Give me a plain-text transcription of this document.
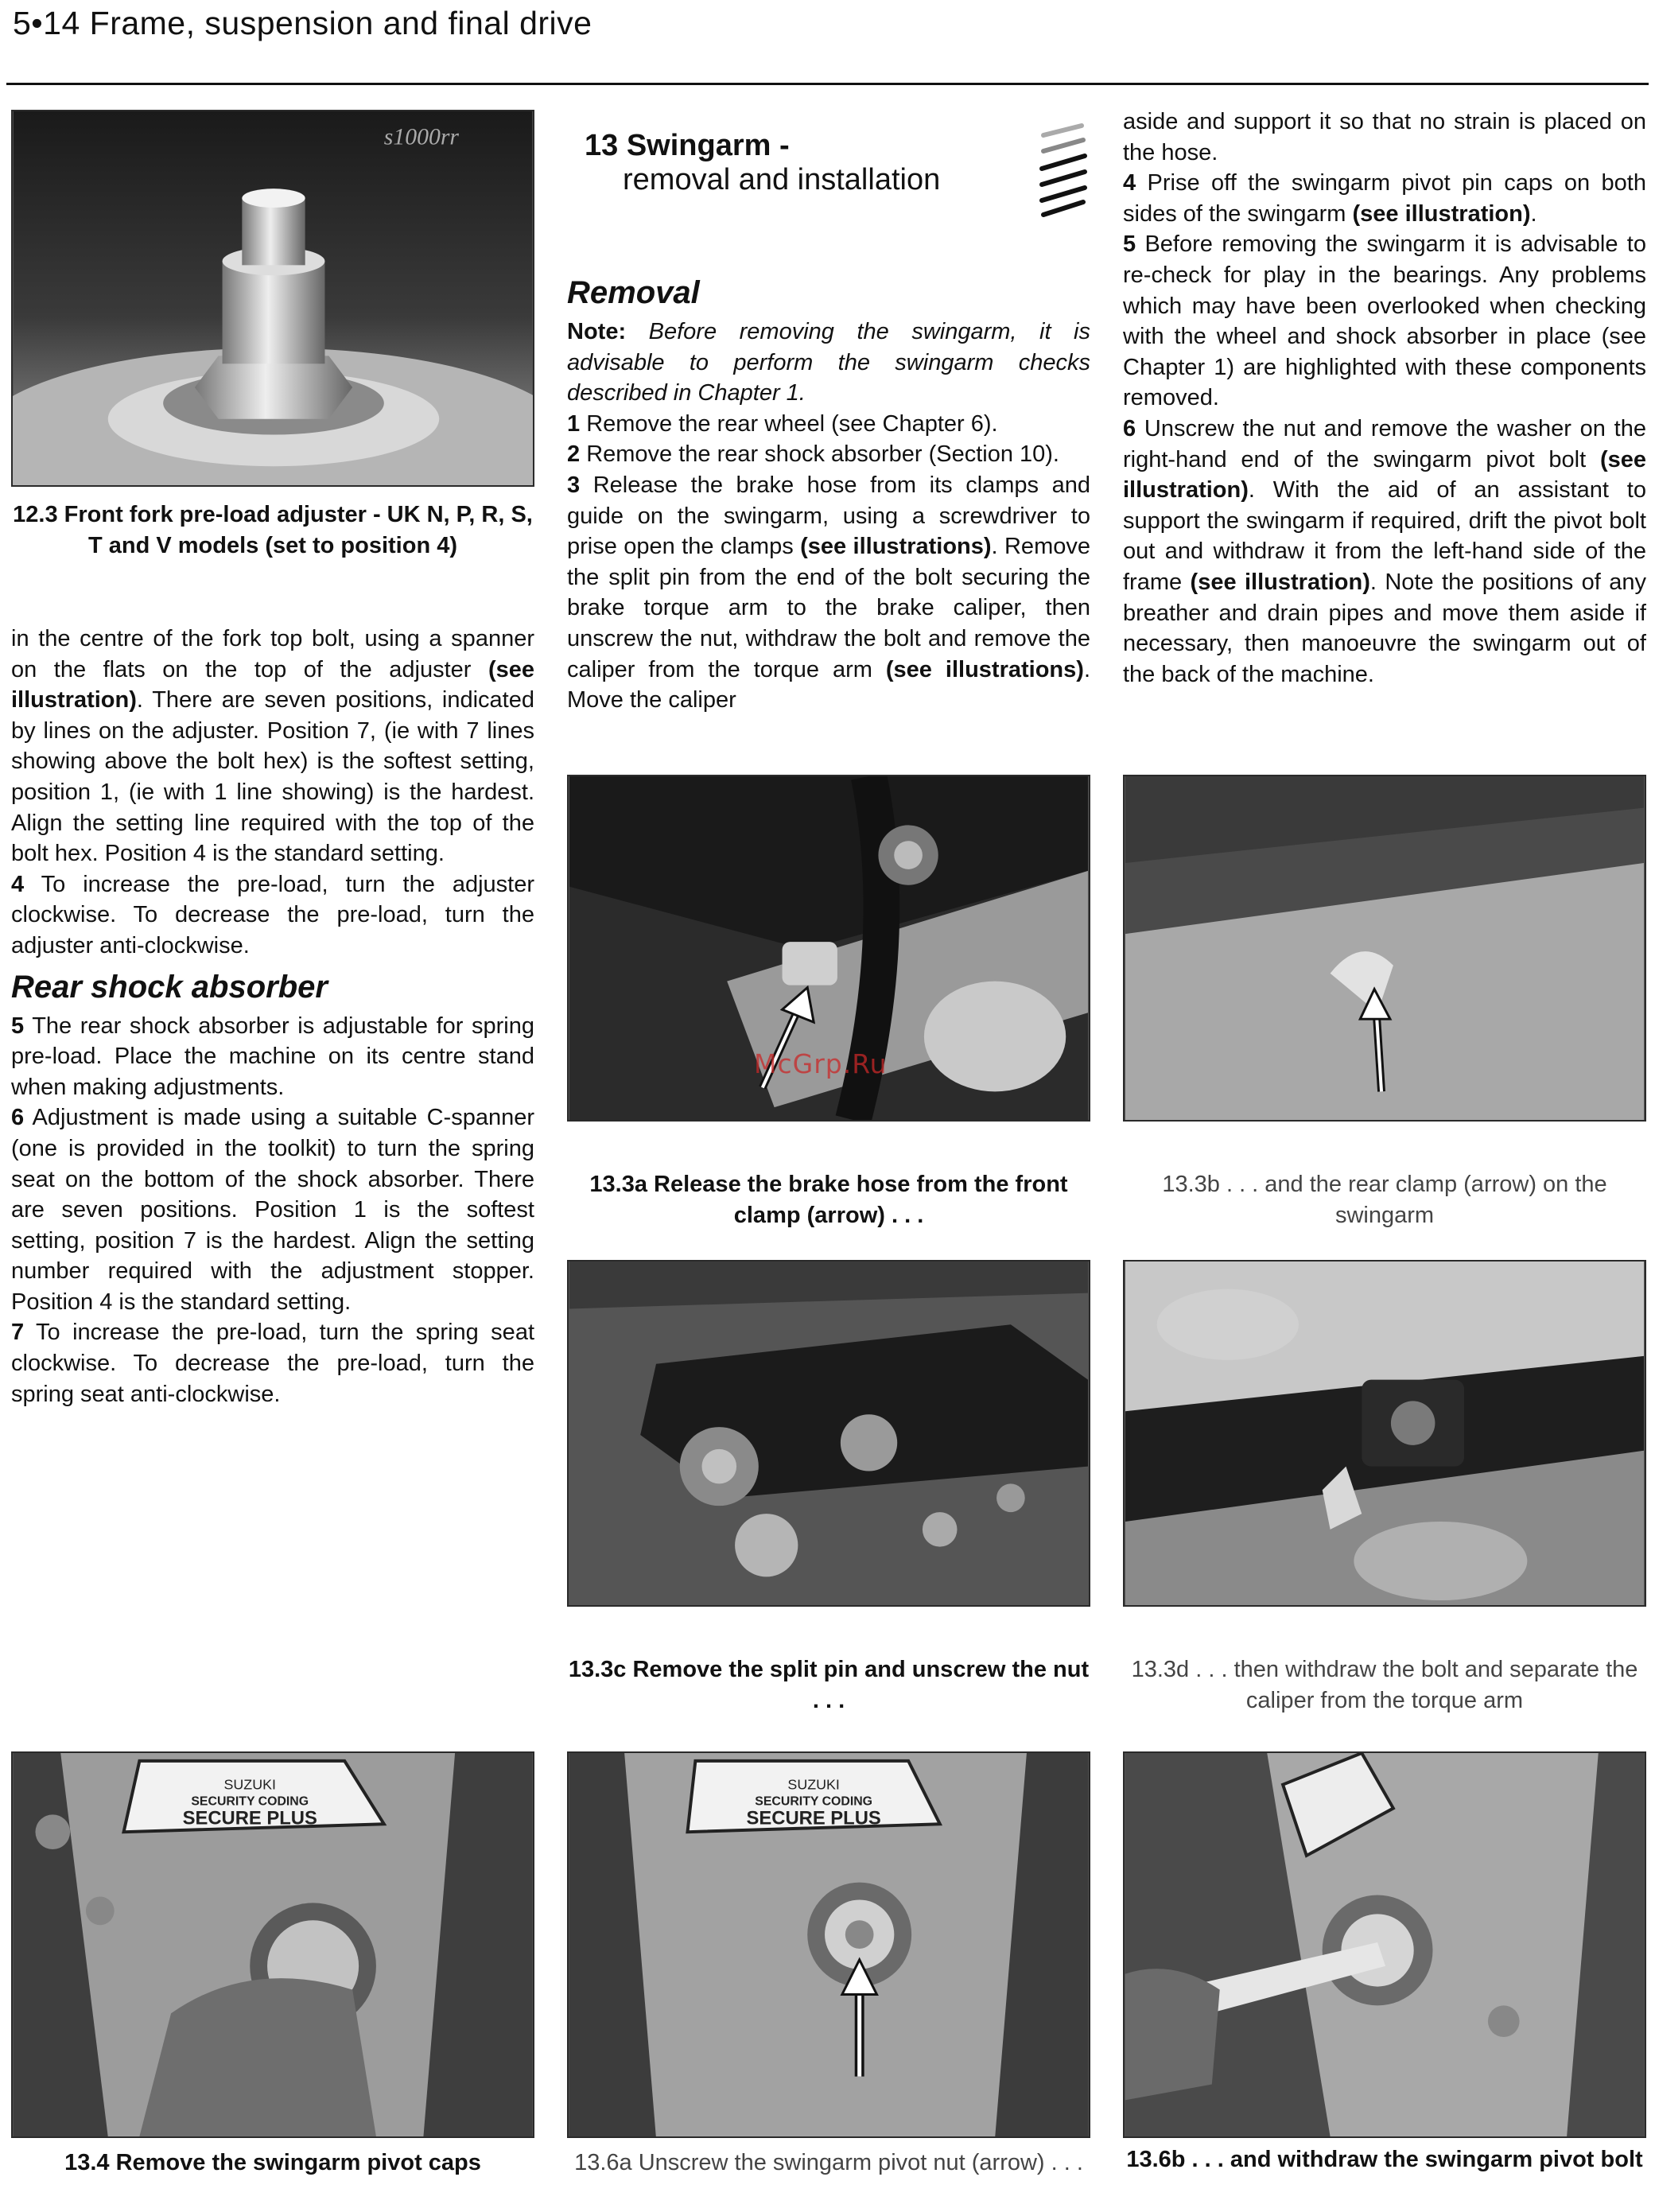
5•14 Frame, suspension and final drive
s1000rr
12.3 Front fork pre-load adjuster - UK N, P, R, S, T and V models (set to position 4)

in the centre of the fork top bolt, using a spanner on the flats on the top of the adjuster (see illustration). There are seven positions, indicated by lines on the adjuster. Position 7, (ie with 7 lines showing above the bolt hex) is the softest setting, position 1, (ie with 1 line showing) is the hardest. Align the setting line required with the top of the bolt hex. Position 4 is the standard setting.

4 To increase the pre-load, turn the adjuster clockwise. To decrease the pre-load, turn the adjuster anti-clockwise.

Rear shock absorber

5 The rear shock absorber is adjustable for spring pre-load. Place the machine on its centre stand when making adjustments.

6 Adjustment is made using a suitable C-spanner (one is provided in the toolkit) to turn the spring seat on the bottom of the shock absorber. There are seven positions. Position 1 is the softest setting, position 7 is the hardest. Align the setting number required with the adjustment stopper. Position 4 is the standard setting.

7 To increase the pre-load, turn the spring seat clockwise. To decrease the pre-load, turn the spring seat anti-clockwise.

13 Swingarm -
removal and installation
Removal

Note: Before removing the swingarm, it is advisable to perform the swingarm checks described in Chapter 1.

1 Remove the rear wheel (see Chapter 6).

2 Remove the rear shock absorber (Section 10).

3 Release the brake hose from its clamps and guide on the swingarm, using a screwdriver to prise open the clamps (see illustrations). Remove the split pin from the end of the bolt securing the brake torque arm to the brake caliper, then unscrew the nut, withdraw the bolt and remove the caliper from the torque arm (see illustrations). Move the caliper

aside and support it so that no strain is placed on the hose.

4 Prise off the swingarm pivot pin caps on both sides of the swingarm (see illustration).

5 Before removing the swingarm it is advisable to re-check for play in the bearings. Any problems which may have been overlooked when checking with the wheel and shock absorber in place (see Chapter 1) are highlighted with these components removed.

6 Unscrew the nut and remove the washer on the right-hand end of the swingarm pivot bolt (see illustration). With the aid of an assistant to support the swingarm if required, drift the pivot bolt out and withdraw it from the left-hand side of the frame (see illustration). Note the positions of any breather and drain pipes and move them aside if necessary, then manoeuvre the swingarm out of the back of the machine.

McGrp.Ru
13.3a Release the brake hose from the front clamp (arrow) . . .
13.3b . . . and the rear clamp (arrow) on the swingarm
13.3c Remove the split pin and unscrew the nut . . .
13.3d . . . then withdraw the bolt and separate the caliper from the torque arm
SUZUKI
SECURITY CODING
SECURE PLUS
13.4 Remove the swingarm pivot caps
SUZUKI
SECURITY CODING
SECURE PLUS
13.6a Unscrew the swingarm pivot nut (arrow) . . .	13.6b . . . and withdraw the swingarm pivot bolt
